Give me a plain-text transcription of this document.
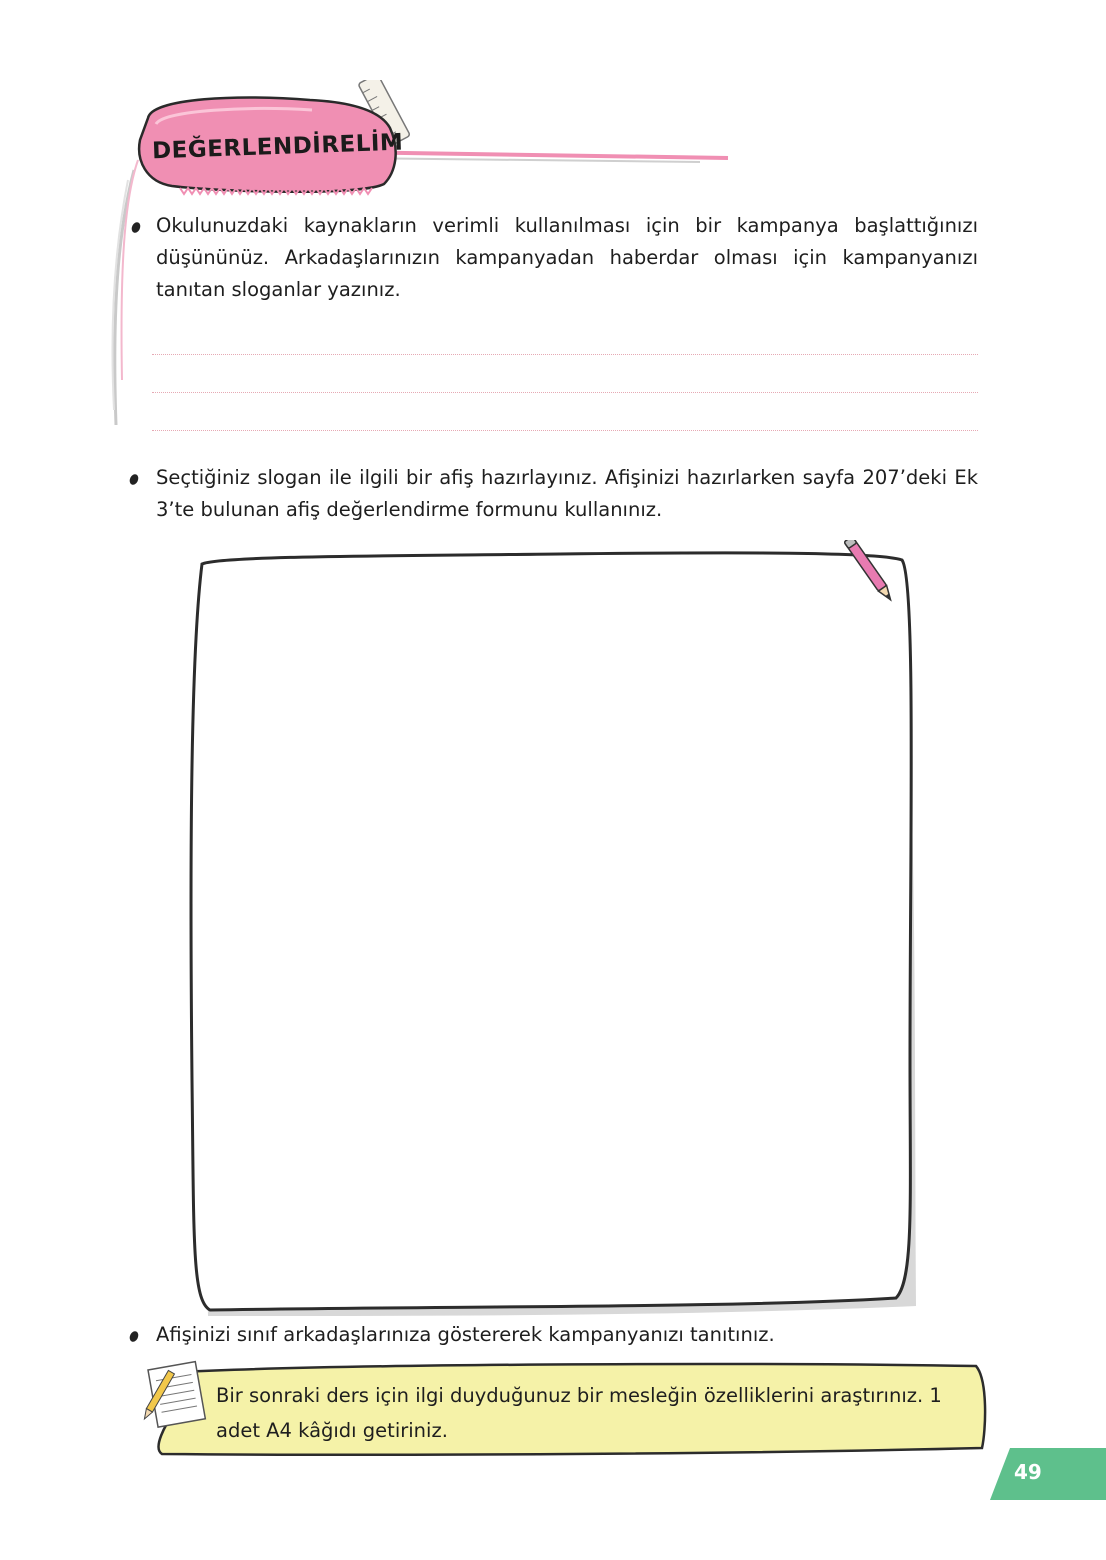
DEĞERLENDİRELİM
Okulunuzdaki kaynakların verimli kullanılması için bir kampanya başlattığınızı düşününüz. Arkadaşlarınızın kampanyadan haberdar olması için kampanyanızı tanıtan sloganlar yazınız.
Seçtiğiniz slogan ile ilgili bir afiş hazırlayınız. Afişinizi hazırlarken sayfa 207’deki Ek 3’te bulunan afiş değerlendirme formunu kullanınız.
Afişinizi sınıf arkadaşlarınıza göstererek kampanyanızı tanıtınız.
Bir sonraki ders için ilgi duyduğunuz bir mesleğin özelliklerini araştırınız. 1 adet A4 kâğıdı getiriniz.
49
